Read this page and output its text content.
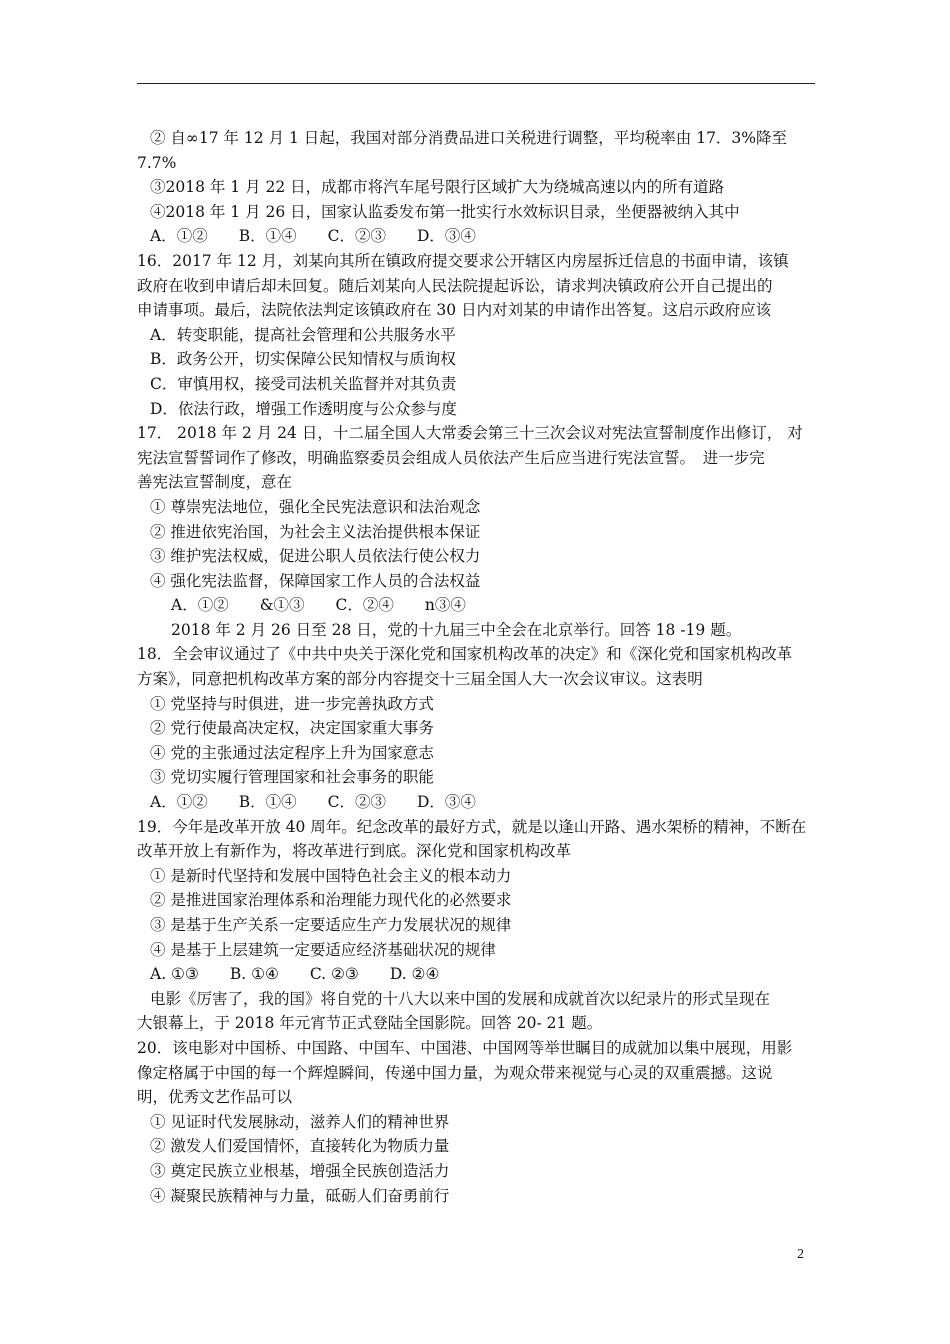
② 自∞17 年 12 月 1 日起，我国对部分消费品进口关税进行调整，平均税率由 17．3%降至
7.7%
③2018 年 1 月 22 日，成都市将汽车尾号限行区域扩大为绕城高速以内的所有道路
④2018 年 1 月 26 日，国家认监委发布第一批实行水效标识目录，坐便器被纳入其中
A．①②　　B．①④　　C．②③　　D．③④
16．2017 年 12 月，刘某向其所在镇政府提交要求公开辖区内房屋拆迁信息的书面申请，该镇
政府在收到申请后却未回复。随后刘某向人民法院提起诉讼，请求判决镇政府公开自己提出的
申请事项。最后，法院依法判定该镇政府在 30 日内对刘某的申请作出答复。这启示政府应该
A．转变职能，提高社会管理和公共服务水平
B．政务公开，切实保障公民知情权与质询权
C．审慎用权，接受司法机关监督并对其负责
D．依法行政，增强工作透明度与公众参与度
17． 2018 年 2 月 24 日，十二届全国人大常委会第三十三次会议对宪法宣誓制度作出修订， 对
宪法宣誓誓词作了修改，明确监察委员会组成人员依法产生后应当进行宪法宣誓。　进一步完
善宪法宣誓制度，意在
① 尊崇宪法地位，强化全民宪法意识和法治观念
② 推进依宪治国，为社会主义法治提供根本保证
③ 维护宪法权威，促进公职人员依法行使公权力
④ 强化宪法监督，保障国家工作人员的合法权益
A．①②　　&①③　　C．②④　　n③④
2018 年 2 月 26 日至 28 日，党的十九届三中全会在北京举行。回答 18 -19 题。
18．全会审议通过了《中共中央关于深化党和国家机构改革的决定》和《深化党和国家机构改革
方案》，同意把机构改革方案的部分内容提交十三届全国人大一次会议审议。这表明
① 党坚持与时俱进，进一步完善执政方式
② 党行使最高决定权，决定国家重大事务
④ 党的主张通过法定程序上升为国家意志
③ 党切实履行管理国家和社会事务的职能
A．①②　　B．①④　　C．②③　　D．③④
19．今年是改革开放 40 周年。纪念改革的最好方式，就是以逢山开路、遇水架桥的精神，不断在
改革开放上有新作为，将改革进行到底。深化党和国家机构改革
① 是新时代坚持和发展中国特色社会主义的根本动力
② 是推进国家治理体系和治理能力现代化的必然要求
③ 是基于生产关系一定要适应生产力发展状况的规律
④ 是基于上层建筑一定要适应经济基础状况的规律
A. ①③　　B. ①④　　C. ②③　　D. ②④
电影《厉害了，我的国》将自党的十八大以来中国的发展和成就首次以纪录片的形式呈现在
大银幕上，于 2018 年元宵节正式登陆全国影院。回答 20- 21 题。
20．该电影对中国桥、中国路、中国车、中国港、中国网等举世瞩目的成就加以集中展现，用影
像定格属于中国的每一个辉煌瞬间，传递中国力量，为观众带来视觉与心灵的双重震撼。这说
明，优秀文艺作品可以
① 见证时代发展脉动，滋养人们的精神世界
② 激发人们爱国情怀，直接转化为物质力量
③ 奠定民族立业根基，增强全民族创造活力
④ 凝聚民族精神与力量，砥砺人们奋勇前行
2
